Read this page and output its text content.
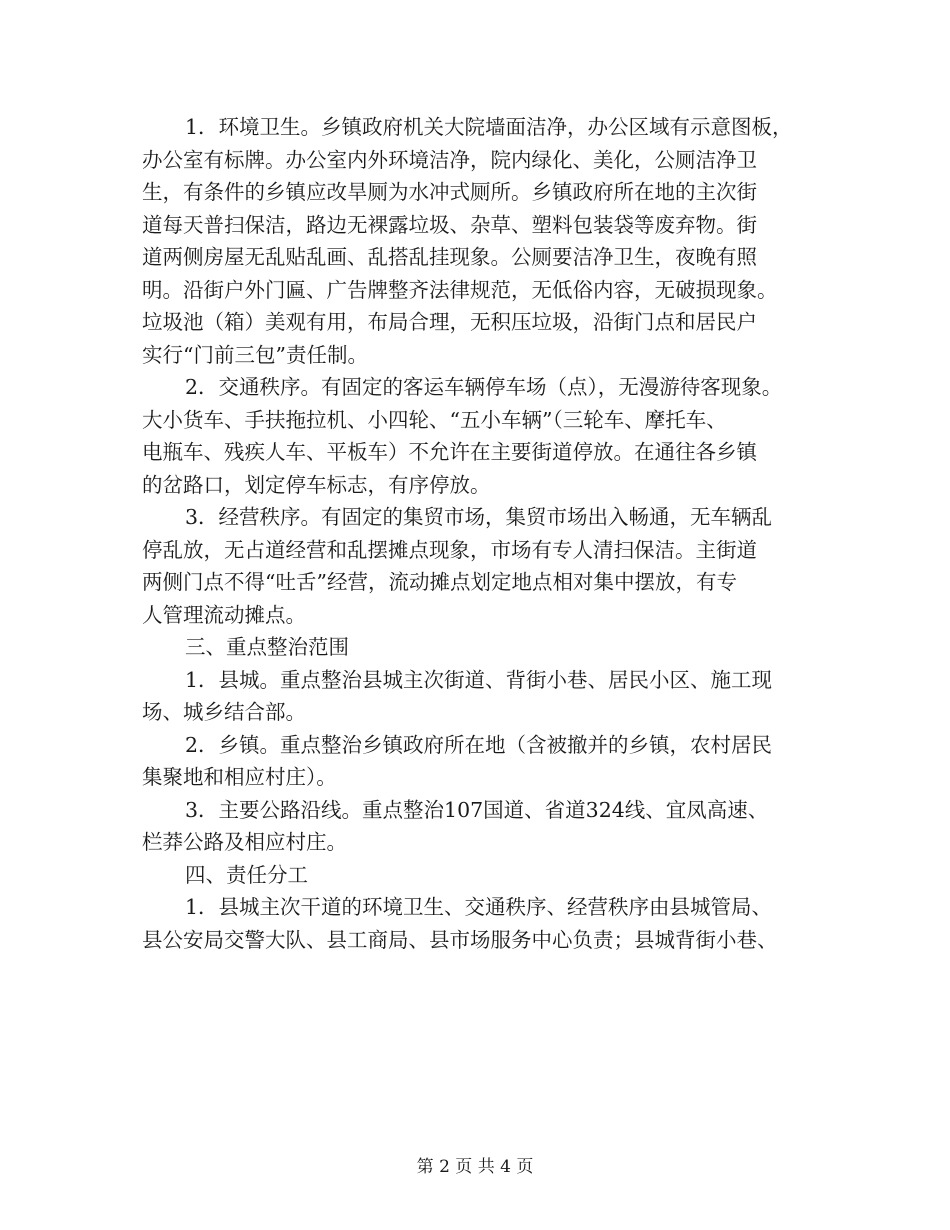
1．环境卫生。乡镇政府机关大院墙面洁净，办公区域有示意图板，
办公室有标牌。办公室内外环境洁净，院内绿化、美化，公厕洁净卫
生，有条件的乡镇应改旱厕为水冲式厕所。乡镇政府所在地的主次街
道每天普扫保洁，路边无裸露垃圾、杂草、塑料包装袋等废弃物。街
道两侧房屋无乱贴乱画、乱搭乱挂现象。公厕要洁净卫生，夜晚有照
明。沿街户外门匾、广告牌整齐法律规范，无低俗内容，无破损现象。
垃圾池（箱）美观有用，布局合理，无积压垃圾，沿街门点和居民户
实行“门前三包”责任制。
2．交通秩序。有固定的客运车辆停车场（点），无漫游待客现象。
大小货车、手扶拖拉机、小四轮、“五小车辆”（三轮车、摩托车、
电瓶车、残疾人车、平板车）不允许在主要街道停放。在通往各乡镇
的岔路口，划定停车标志，有序停放。
3．经营秩序。有固定的集贸市场，集贸市场出入畅通，无车辆乱
停乱放，无占道经营和乱摆摊点现象，市场有专人清扫保洁。主街道
两侧门点不得“吐舌”经营，流动摊点划定地点相对集中摆放，有专
人管理流动摊点。
三、重点整治范围
1．县城。重点整治县城主次街道、背街小巷、居民小区、施工现
场、城乡结合部。
2．乡镇。重点整治乡镇政府所在地（含被撤并的乡镇，农村居民
集聚地和相应村庄）。
3．主要公路沿线。重点整治107国道、省道324线、宜凤高速、
栏莽公路及相应村庄。
四、责任分工
1．县城主次干道的环境卫生、交通秩序、经营秩序由县城管局、
县公安局交警大队、县工商局、县市场服务中心负责；县城背街小巷、
第 2 页 共 4 页
